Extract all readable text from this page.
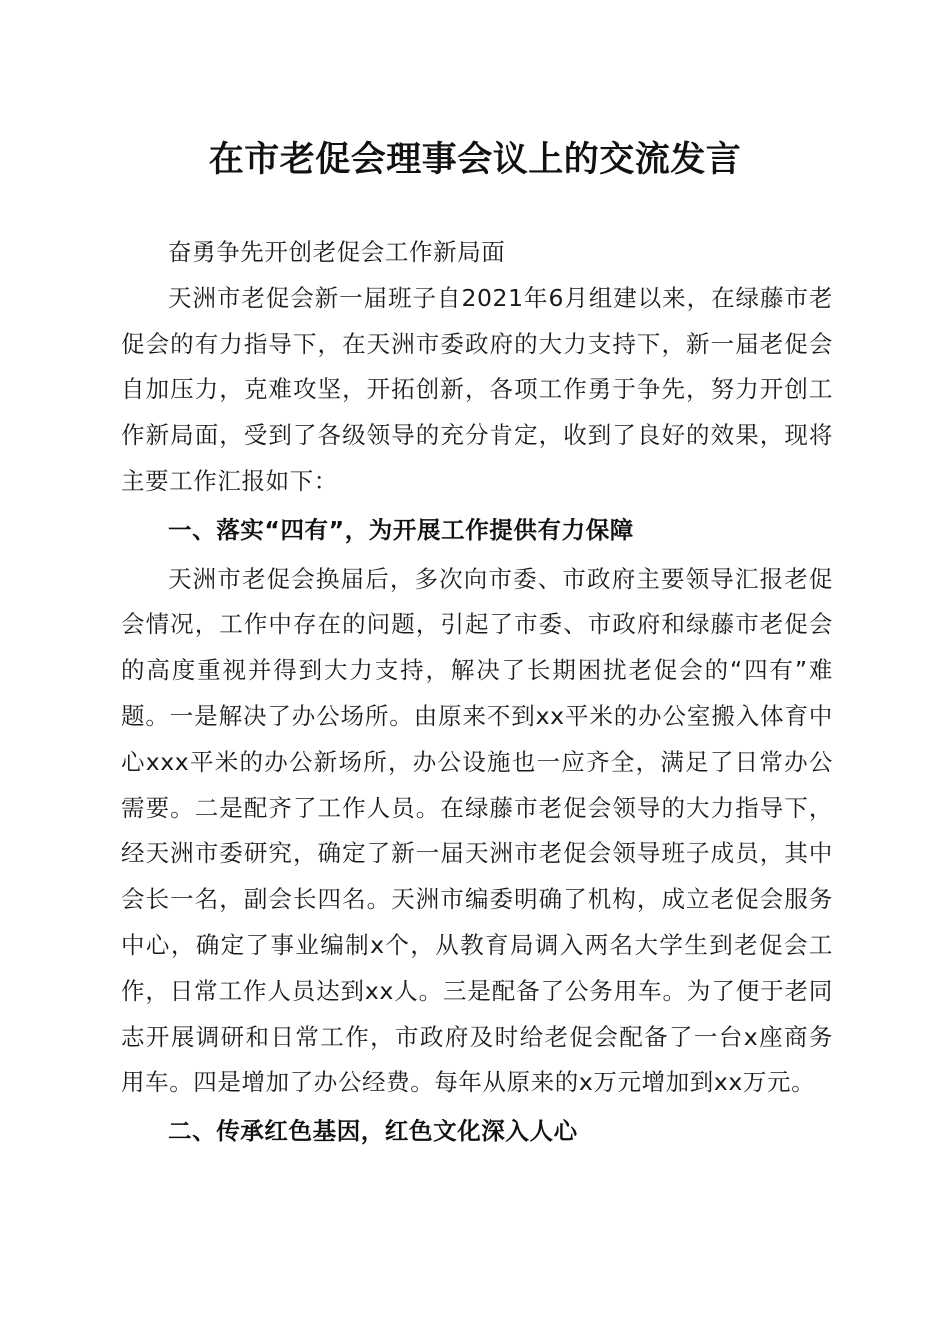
在市老促会理事会议上的交流发言

奋勇争先开创老促会工作新局面

天洲市老促会新一届班子自2021年6月组建以来，在绿藤市老促会的有力指导下，在天洲市委政府的大力支持下，新一届老促会自加压力，克难攻坚，开拓创新，各项工作勇于争先，努力开创工作新局面，受到了各级领导的充分肯定，收到了良好的效果，现将主要工作汇报如下：

一、落实“四有”，为开展工作提供有力保障

天洲市老促会换届后，多次向市委、市政府主要领导汇报老促会情况，工作中存在的问题，引起了市委、市政府和绿藤市老促会的高度重视并得到大力支持，解决了长期困扰老促会的“四有”难题。一是解决了办公场所。由原来不到xx平米的办公室搬入体育中心xxx平米的办公新场所，办公设施也一应齐全，满足了日常办公需要。二是配齐了工作人员。在绿藤市老促会领导的大力指导下，经天洲市委研究，确定了新一届天洲市老促会领导班子成员，其中会长一名，副会长四名。天洲市编委明确了机构，成立老促会服务中心，确定了事业编制x个，从教育局调入两名大学生到老促会工作，日常工作人员达到xx人。三是配备了公务用车。为了便于老同志开展调研和日常工作，市政府及时给老促会配备了一台x座商务用车。四是增加了办公经费。每年从原来的x万元增加到xx万元。

二、传承红色基因，红色文化深入人心
